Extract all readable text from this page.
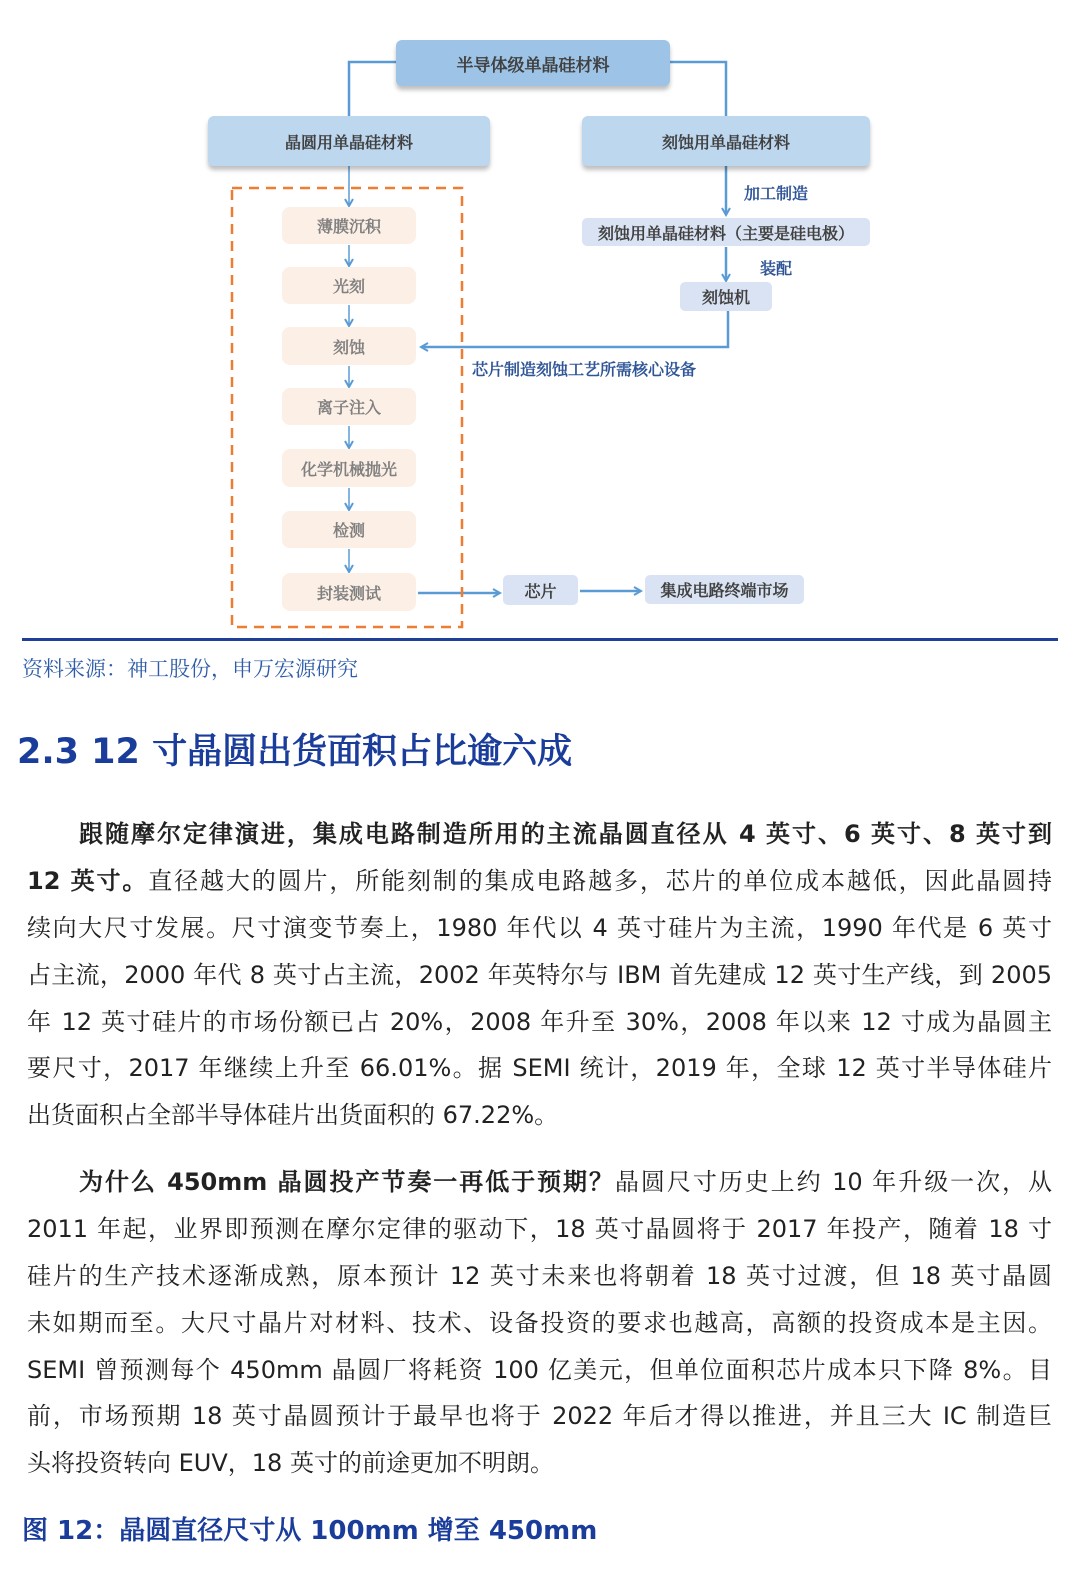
半导体级单晶硅材料
晶圆用单晶硅材料	刻蚀用单晶硅材料
薄膜沉积
光刻
刻蚀
离子注入
化学机械抛光
检测
封装测试
加工制造
刻蚀用单晶硅材料（主要是硅电极）
装配
刻蚀机
芯片制造刻蚀工艺所需核心设备
芯片	集成电路终端市场
资料来源：神工股份，申万宏源研究
2.3 12 寸晶圆出货面积占比逾六成
跟随摩尔定律演进，集成电路制造所用的主流晶圆直径从 4 英寸、6 英寸、8 英寸到
12 英寸。直径越大的圆片，所能刻制的集成电路越多，芯片的单位成本越低，因此晶圆持
续向大尺寸发展。尺寸演变节奏上，1980 年代以 4 英寸硅片为主流，1990 年代是 6 英寸
占主流，2000 年代 8 英寸占主流，2002 年英特尔与 IBM 首先建成 12 英寸生产线，到 2005
年 12 英寸硅片的市场份额已占 20%，2008 年升至 30%，2008 年以来 12 寸成为晶圆主
要尺寸，2017 年继续上升至 66.01%。据 SEMI 统计，2019 年，全球 12 英寸半导体硅片
出货面积占全部半导体硅片出货面积的 67.22%。
为什么 450mm 晶圆投产节奏一再低于预期？晶圆尺寸历史上约 10 年升级一次，从
2011 年起，业界即预测在摩尔定律的驱动下，18 英寸晶圆将于 2017 年投产，随着 18 寸
硅片的生产技术逐渐成熟，原本预计 12 英寸未来也将朝着 18 英寸过渡，但 18 英寸晶圆
未如期而至。大尺寸晶片对材料、技术、设备投资的要求也越高，高额的投资成本是主因。
SEMI 曾预测每个 450mm 晶圆厂将耗资 100 亿美元，但单位面积芯片成本只下降 8%。目
前，市场预期 18 英寸晶圆预计于最早也将于 2022 年后才得以推进，并且三大 IC 制造巨
头将投资转向 EUV，18 英寸的前途更加不明朗。
图 12：晶圆直径尺寸从 100mm 增至 450mm
